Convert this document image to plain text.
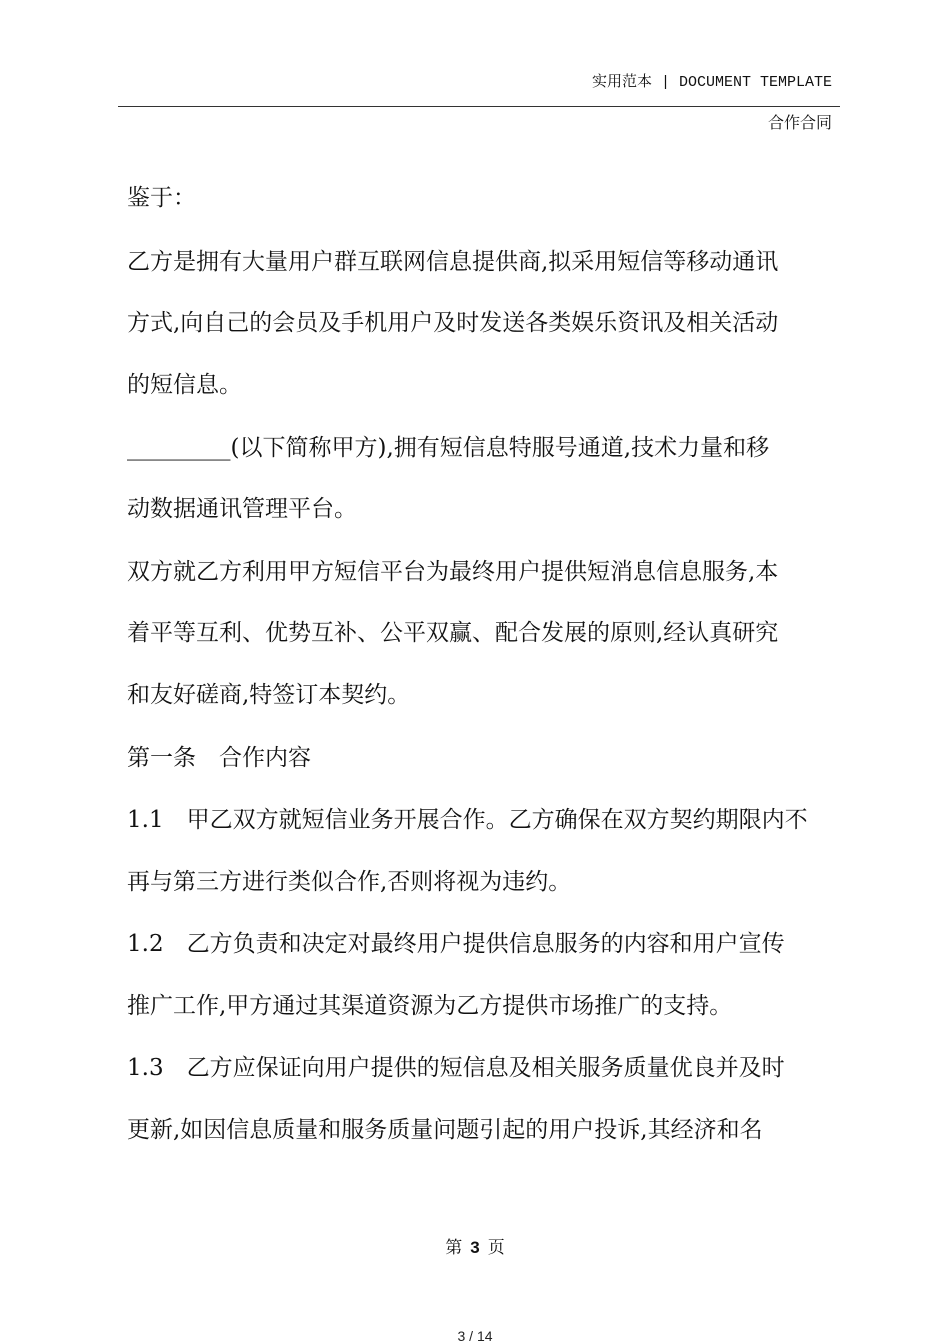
实用范本 | DOCUMENT TEMPLATE
合作合同
鉴于：
乙方是拥有大量用户群互联网信息提供商,拟采用短信等移动通讯
方式,向自己的会员及手机用户及时发送各类娱乐资讯及相关活动
的短信息。
_________(以下简称甲方),拥有短信息特服号通道,技术力量和移
动数据通讯管理平台。
双方就乙方利用甲方短信平台为最终用户提供短消息信息服务,本
着平等互利、优势互补、公平双赢、配合发展的原则,经认真研究
和友好磋商,特签订本契约。
第一条　合作内容
1.1　甲乙双方就短信业务开展合作。乙方确保在双方契约期限内不
再与第三方进行类似合作,否则将视为违约。
1.2　乙方负责和决定对最终用户提供信息服务的内容和用户宣传
推广工作,甲方通过其渠道资源为乙方提供市场推广的支持。
1.3　乙方应保证向用户提供的短信息及相关服务质量优良并及时
更新,如因信息质量和服务质量问题引起的用户投诉,其经济和名
第 3 页
3 / 14
